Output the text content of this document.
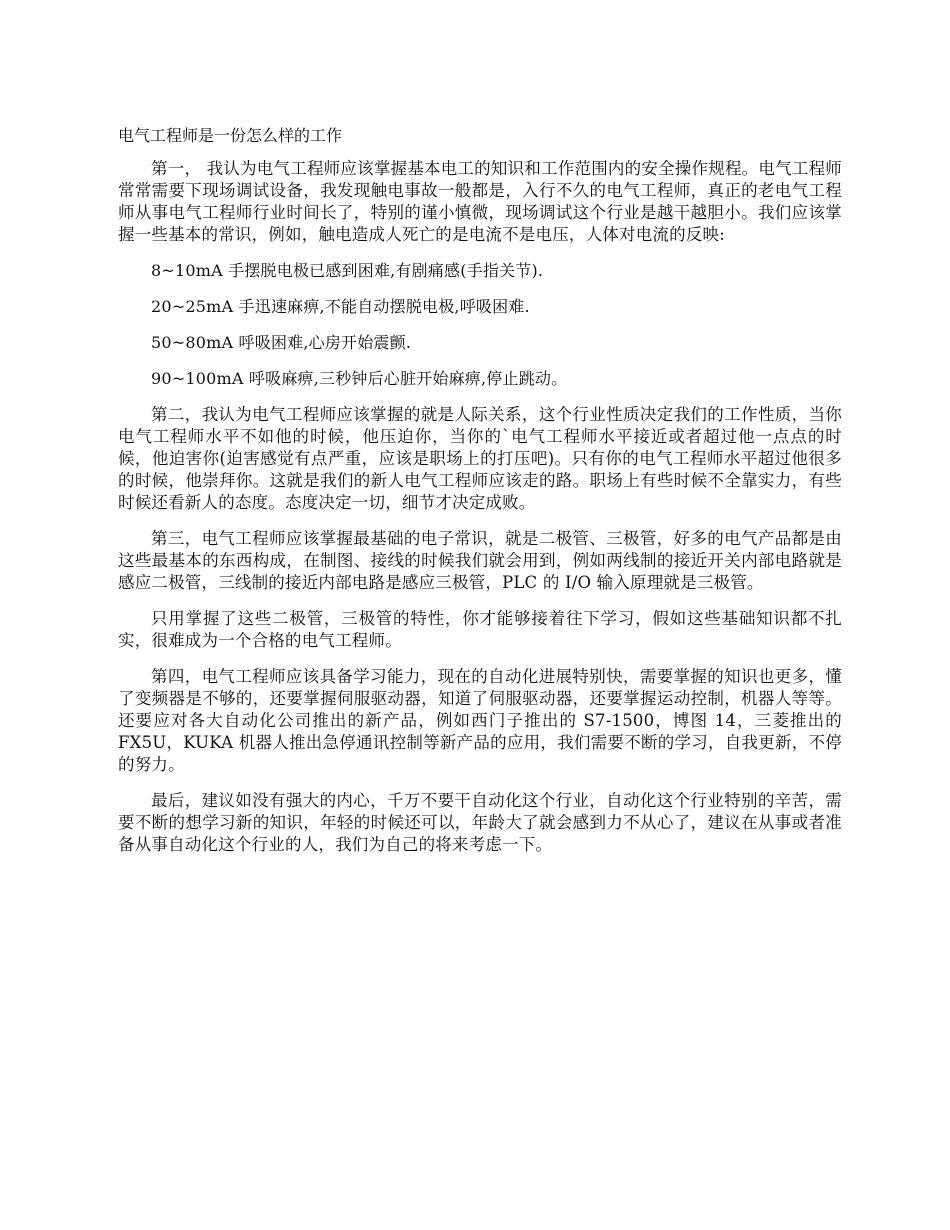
电气工程师是一份怎么样的工作

第一， 我认为电气工程师应该掌握基本电工的知识和工作范围内的安全操作规程。电气工程师常常需要下现场调试设备，我发现触电事故一般都是，入行不久的电气工程师，真正的老电气工程师从事电气工程师行业时间长了，特别的谨小慎微，现场调试这个行业是越干越胆小。我们应该掌握一些基本的常识，例如，触电造成人死亡的是电流不是电压，人体对电流的反映:

8~10mA 手摆脱电极已感到困难,有剧痛感(手指关节).

20~25mA 手迅速麻痹,不能自动摆脱电极,呼吸困难.

50~80mA 呼吸困难,心房开始震颤.

90~100mA 呼吸麻痹,三秒钟后心脏开始麻痹,停止跳动。

第二，我认为电气工程师应该掌握的就是人际关系，这个行业性质决定我们的工作性质，当你电气工程师水平不如他的时候，他压迫你，当你的`电气工程师水平接近或者超过他一点点的时候，他迫害你(迫害感觉有点严重，应该是职场上的打压吧)。只有你的电气工程师水平超过他很多的时候，他崇拜你。这就是我们的新人电气工程师应该走的路。职场上有些时候不全靠实力，有些时候还看新人的态度。态度决定一切，细节才决定成败。

第三，电气工程师应该掌握最基础的电子常识，就是二极管、三极管，好多的电气产品都是由这些最基本的东西构成，在制图、接线的时候我们就会用到，例如两线制的接近开关内部电路就是感应二极管，三线制的接近内部电路是感应三极管，PLC 的 I/O 输入原理就是三极管。

只用掌握了这些二极管，三极管的特性，你才能够接着往下学习，假如这些基础知识都不扎实，很难成为一个合格的电气工程师。

第四，电气工程师应该具备学习能力，现在的自动化进展特别快，需要掌握的知识也更多，懂了变频器是不够的，还要掌握伺服驱动器，知道了伺服驱动器，还要掌握运动控制，机器人等等。还要应对各大自动化公司推出的新产品，例如西门子推出的 S7-1500，博图 14，三菱推出的 FX5U，KUKA 机器人推出急停通讯控制等新产品的应用，我们需要不断的学习，自我更新，不停的努力。

最后，建议如没有强大的内心，千万不要干自动化这个行业，自动化这个行业特别的辛苦，需要不断的想学习新的知识，年轻的时候还可以，年龄大了就会感到力不从心了，建议在从事或者准备从事自动化这个行业的人，我们为自己的将来考虑一下。
